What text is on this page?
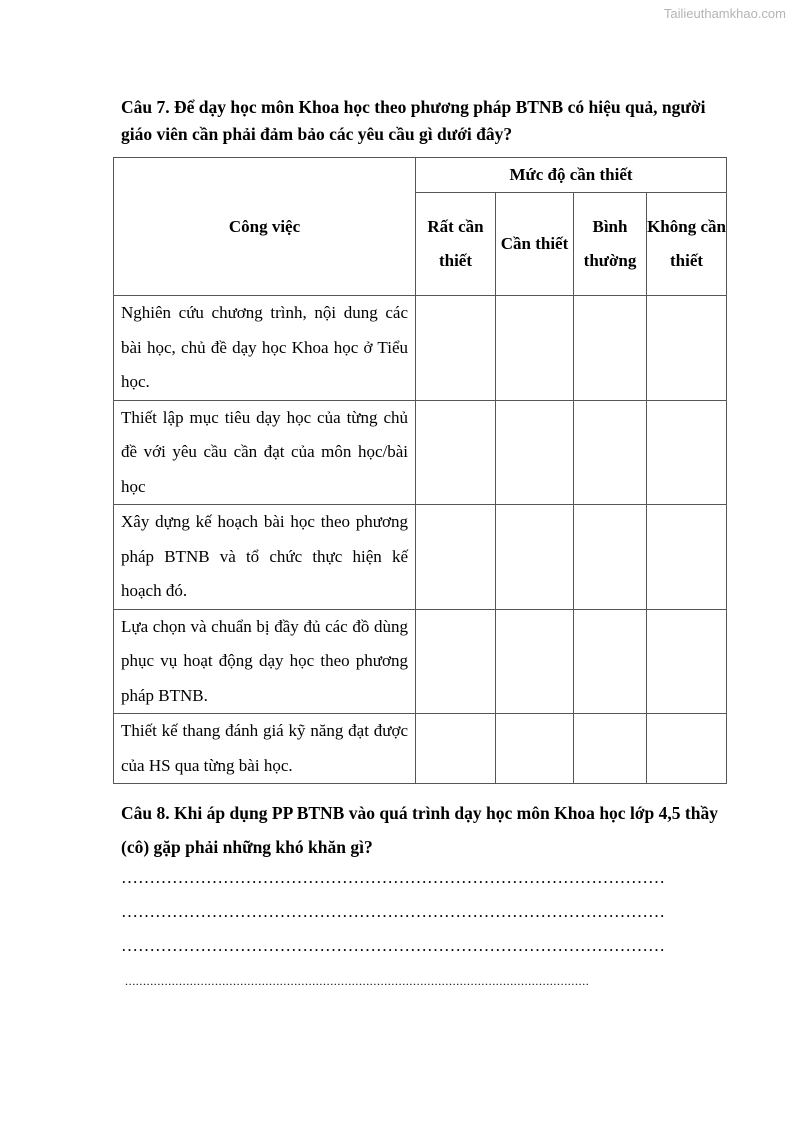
Tailieuthamkhao.com
Câu 7. Để dạy học môn Khoa học theo phương pháp BTNB có hiệu quả, người giáo viên cần phải đảm bảo các yêu cầu gì dưới đây?
Công việc	Mức độ cần thiết			
	Rất cần thiết	Cần thiết	Bình thường	Không cần thiết
Nghiên cứu chương trình, nội dung các bài học, chủ đề dạy học Khoa học ở Tiểu học.				
Thiết lập mục tiêu dạy học của từng chủ đề với yêu cầu cần đạt của môn học/bài học				
Xây dựng kế hoạch bài học theo phương pháp BTNB và tổ chức thực hiện kế hoạch đó.				
Lựa chọn và chuẩn bị đầy đủ các đồ dùng phục vụ hoạt động dạy học theo phương pháp BTNB.				
Thiết kế thang đánh giá kỹ năng đạt được của HS qua từng bài học.				
Câu 8. Khi áp dụng PP BTNB vào quá trình dạy học môn Khoa học lớp 4,5 thầy (cô) gặp phải những khó khăn gì?
……………………………………………………………………………………
……………………………………………………………………………………
……………………………………………………………………………………
.................................................................................................................................
